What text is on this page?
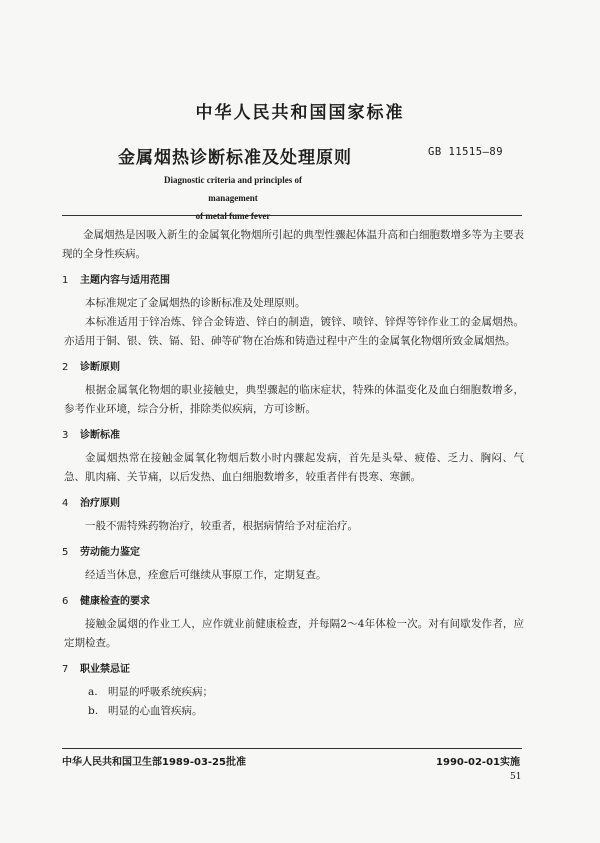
中华人民共和国国家标准
金属烟热诊断标准及处理原则	GB 11515—89
Diagnostic criteria and principles of management
of metal fume fever

金属烟热是因吸入新生的金属氧化物烟所引起的典型性骤起体温升高和白细胞数增多等为主要表现的全身性疾病。

1 主题内容与适用范围

本标准规定了金属烟热的诊断标准及处理原则。

本标准适用于锌冶炼、锌合金铸造、锌白的制造，镀锌、喷锌、锌焊等锌作业工的金属烟热。亦适用于铜、银、铁、镉、铅、砷等矿物在冶炼和铸造过程中产生的金属氧化物烟所致金属烟热。

2 诊断原则

根据金属氧化物烟的职业接触史，典型骤起的临床症状，特殊的体温变化及血白细胞数增多，参考作业环境，综合分析，排除类似疾病，方可诊断。

3 诊断标准

金属烟热常在接触金属氧化物烟后数小时内骤起发病，首先是头晕、疲倦、乏力、胸闷、气急、肌肉痛、关节痛，以后发热、血白细胞数增多，较重者伴有畏寒、寒颤。

4 治疗原则

一般不需特殊药物治疗，较重者，根据病情给予对症治疗。

5 劳动能力鉴定

经适当休息，痊愈后可继续从事原工作，定期复查。

6 健康检查的要求

接触金属烟的作业工人，应作就业前健康检查，并每隔2～4年体检一次。对有间歇发作者，应定期检查。

7 职业禁忌证

a. 明显的呼吸系统疾病；
b. 明显的心血管疾病。
中华人民共和国卫生部1989-03-25批准	1990-02-01实施
51
